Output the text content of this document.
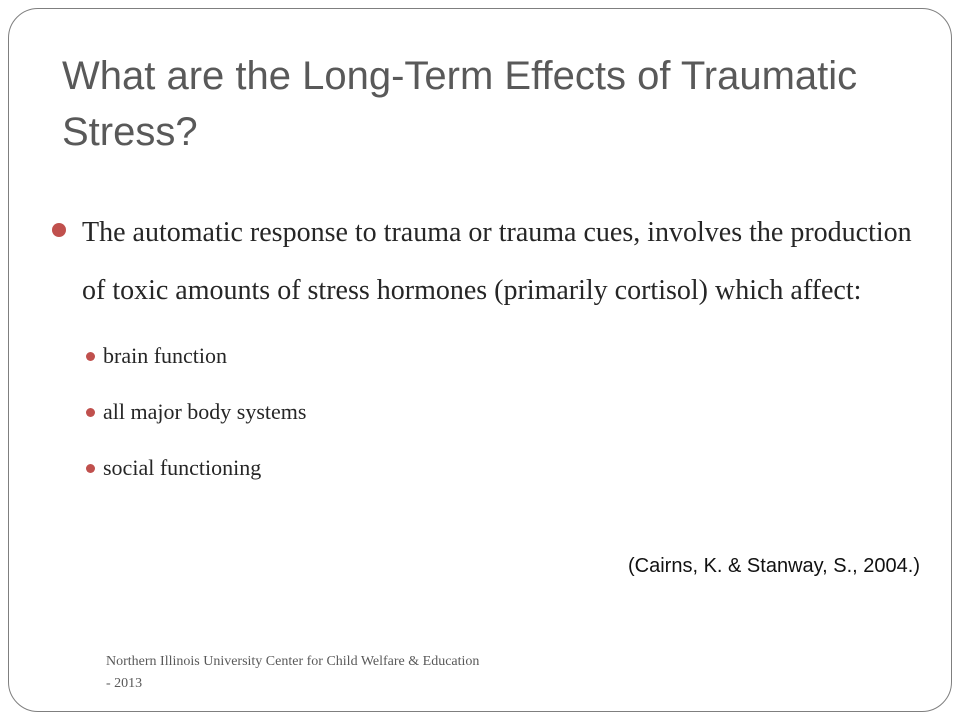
What are the Long-Term Effects of Traumatic Stress?
The automatic response to trauma or trauma cues, involves the production of toxic amounts of stress hormones (primarily cortisol) which affect:
brain function
all major body systems
social functioning
(Cairns, K. & Stanway, S., 2004.)
Northern Illinois University Center for Child Welfare & Education - 2013
